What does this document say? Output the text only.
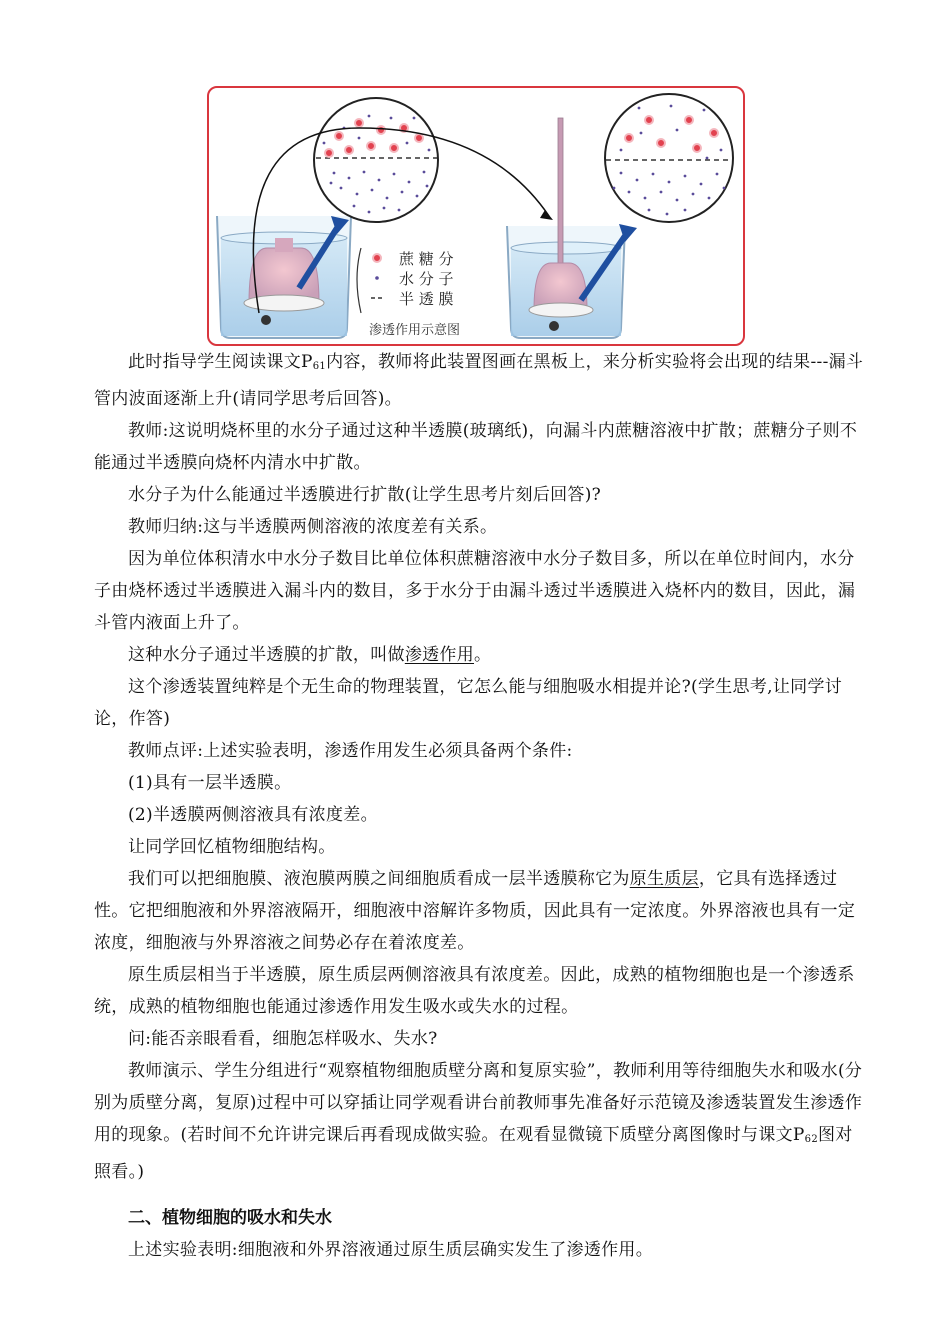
蔗 糖 分
水 分 子
半 透 膜
渗透作用示意图

此时指导学生阅读课文$P_{61}$内容，教师将此装置图画在黑板上，来分析实验将会出现的结果---漏斗管内波面逐渐上升(请同学思考后回答)。

教师:这说明烧杯里的水分子通过这种半透膜(玻璃纸)，向漏斗内蔗糖溶液中扩散；蔗糖分子则不能通过半透膜向烧杯内清水中扩散。

水分子为什么能通过半透膜进行扩散(让学生思考片刻后回答)?

教师归纳:这与半透膜两侧溶液的浓度差有关系。

因为单位体积清水中水分子数目比单位体积蔗糖溶液中水分子数目多，所以在单位时间内，水分子由烧杯透过半透膜进入漏斗内的数目，多于水分于由漏斗透过半透膜进入烧杯内的数目，因此，漏斗管内液面上升了。

这种水分子通过半透膜的扩散，叫做渗透作用。

这个渗透装置纯粹是个无生命的物理装置，它怎么能与细胞吸水相提并论?(学生思考,让同学讨论，作答)

教师点评:上述实验表明，渗透作用发生必须具备两个条件:

(1)具有一层半透膜。

(2)半透膜两侧溶液具有浓度差。

让同学回忆植物细胞结构。

我们可以把细胞膜、液泡膜两膜之间细胞质看成一层半透膜称它为原生质层，它具有选择透过性。它把细胞液和外界溶液隔开，细胞液中溶解许多物质，因此具有一定浓度。外界溶液也具有一定浓度，细胞液与外界溶液之间势必存在着浓度差。

原生质层相当于半透膜，原生质层两侧溶液具有浓度差。因此，成熟的植物细胞也是一个渗透系统，成熟的植物细胞也能通过渗透作用发生吸水或失水的过程。

问:能否亲眼看看，细胞怎样吸水、失水?

教师演示、学生分组进行“观察植物细胞质壁分离和复原实验”，教师利用等待细胞失水和吸水(分别为质壁分离，复原)过程中可以穿插让同学观看讲台前教师事先准备好示范镜及渗透装置发生渗透作用的现象。(若时间不允许讲完课后再看现成做实验。在观看显微镜下质壁分离图像时与课文$P_{62}$图对照看。)

二、植物细胞的吸水和失水

上述实验表明:细胞液和外界溶液通过原生质层确实发生了渗透作用。
